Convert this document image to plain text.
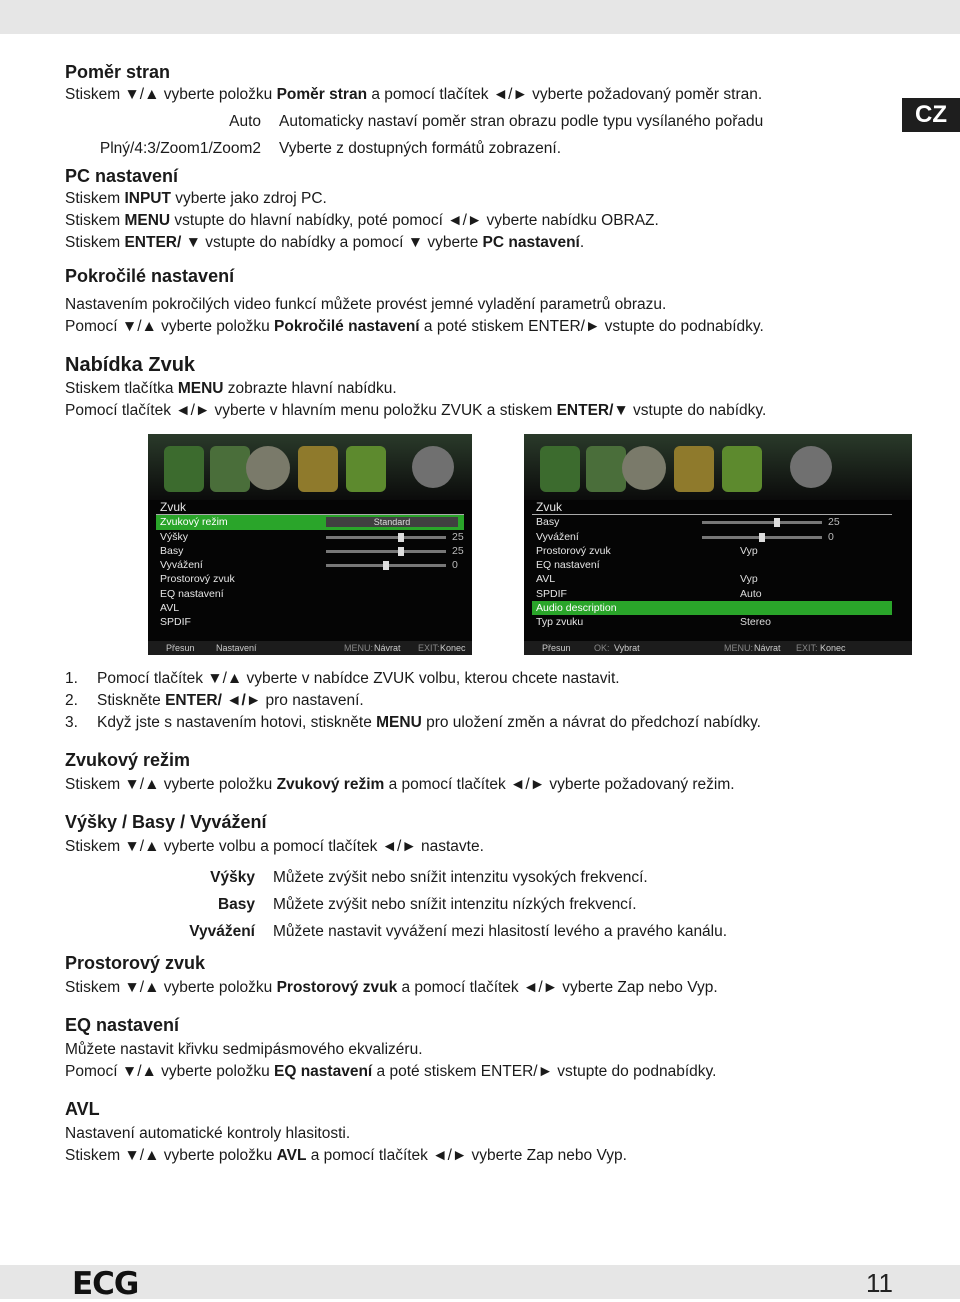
CZ
Poměr stran
Stiskem ▼/▲ vyberte položku Poměr stran a pomocí tlačítek ◄/► vyberte požadovaný poměr stran.
Auto	Automaticky nastaví poměr stran obrazu podle typu vysílaného pořadu
Plný/4:3/Zoom1/Zoom2	Vyberte z dostupných formátů zobrazení.
PC nastavení
Stiskem INPUT vyberte jako zdroj PC.
Stiskem MENU vstupte do hlavní nabídky, poté pomocí ◄/► vyberte nabídku OBRAZ.
Stiskem ENTER/ ▼ vstupte do nabídky a pomocí ▼ vyberte PC nastavení.
Pokročilé nastavení
Nastavením pokročilých video funkcí můžete provést jemné vyladění parametrů obrazu.
Pomocí ▼/▲ vyberte položku Pokročilé nastavení a poté stiskem ENTER/► vstupte do podnabídky.
Nabídka Zvuk
Stiskem tlačítka MENU zobrazte hlavní nabídku.
Pomocí tlačítek ◄/► vyberte v hlavním menu položku ZVUK a stiskem ENTER/▼ vstupte do nabídky.
Zvuk
Zvukový režim	Standard
Výšky	25
Basy	25
Vyvážení	0
Prostorový zvuk
EQ nastavení
AVL
SPDIF
Přesun Nastavení	MENU: Návrat EXIT: Konec
Zvuk
Basy	25
Vyvážení	0
Prostorový zvuk	Vyp
EQ nastavení
AVL	Vyp
SPDIF	Auto
Audio description
Typ zvuku	Stereo
Přesun	OK: Vybrat	MENU: Návrat EXIT: Konec
1.	Pomocí tlačítek ▼/▲ vyberte v nabídce ZVUK volbu, kterou chcete nastavit.
2.	Stiskněte ENTER/ ◄/► pro nastavení.
3.	Když jste s nastavením hotovi, stiskněte MENU pro uložení změn a návrat do předchozí nabídky.
Zvukový režim
Stiskem ▼/▲ vyberte položku Zvukový režim a pomocí tlačítek ◄/► vyberte požadovaný režim.
Výšky / Basy / Vyvážení
Stiskem ▼/▲ vyberte volbu a pomocí tlačítek ◄/► nastavte.
Výšky	Můžete zvýšit nebo snížit intenzitu vysokých frekvencí.
Basy	Můžete zvýšit nebo snížit intenzitu nízkých frekvencí.
Vyvážení	Můžete nastavit vyvážení mezi hlasitostí levého a pravého kanálu.
Prostorový zvuk
Stiskem ▼/▲ vyberte položku Prostorový zvuk a pomocí tlačítek ◄/► vyberte Zap nebo Vyp.
EQ nastavení
Můžete nastavit křivku sedmipásmového ekvalizéru.
Pomocí ▼/▲ vyberte položku EQ nastavení a poté stiskem ENTER/► vstupte do podnabídky.
AVL
Nastavení automatické kontroly hlasitosti.
Stiskem ▼/▲ vyberte položku AVL a pomocí tlačítek ◄/► vyberte Zap nebo Vyp.
ECG	11
